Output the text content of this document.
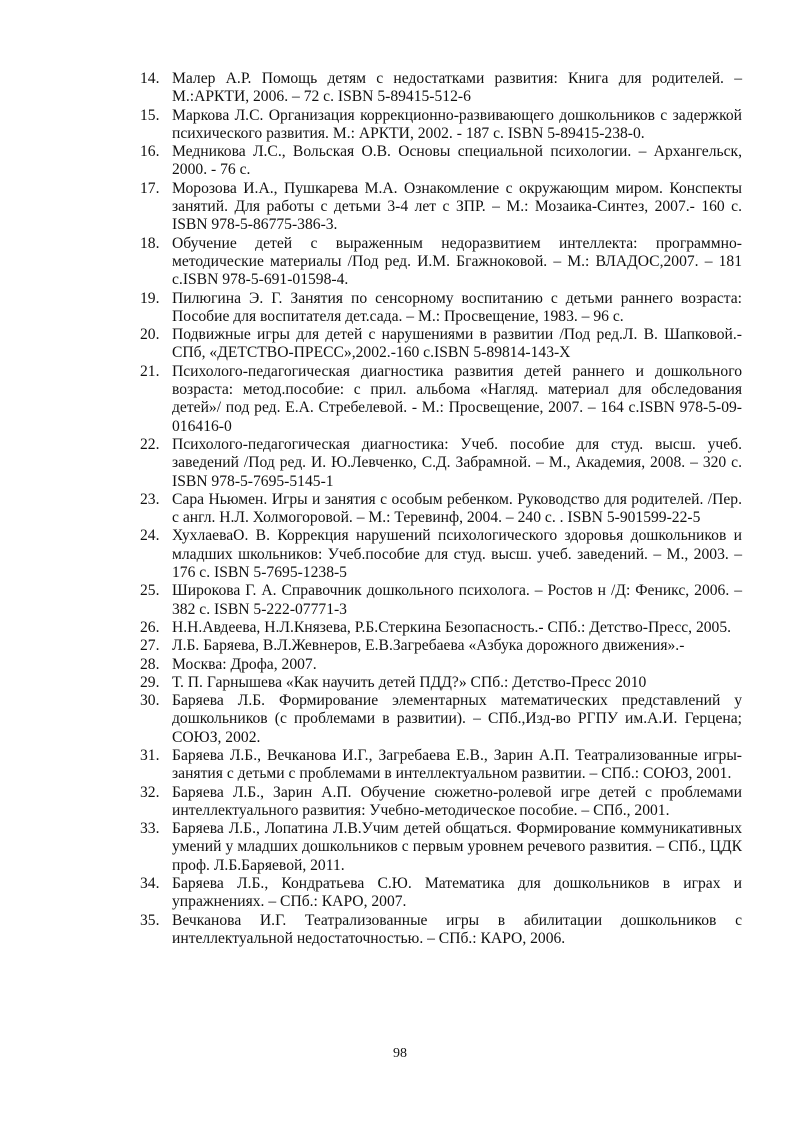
14. Малер А.Р. Помощь детям с недостатками развития: Книга для родителей. – М.:АРКТИ, 2006. – 72 с. ISBN 5-89415-512-6
15. Маркова Л.С. Организация коррекционно-развивающего дошкольников с задержкой психического развития. М.: АРКТИ, 2002. - 187 с. ISBN 5-89415-238-0.
16. Медникова Л.С., Вольская О.В. Основы специальной психологии. – Архангельск, 2000. - 76 с.
17. Морозова И.А., Пушкарева М.А. Ознакомление с окружающим миром. Конспекты занятий. Для работы с детьми 3-4 лет с ЗПР. – М.: Мозаика-Синтез, 2007.- 160 с. ISBN 978-5-86775-386-3.
18. Обучение детей с выраженным недоразвитием интеллекта: программно-методические материалы /Под ред. И.М. Бгажноковой. – М.: ВЛАДОС,2007. – 181 с.ISBN 978-5-691-01598-4.
19. Пилюгина Э. Г. Занятия по сенсорному воспитанию с детьми раннего возраста: Пособие для воспитателя дет.сада. – М.: Просвещение, 1983. – 96 с.
20. Подвижные игры для детей с нарушениями в развитии /Под ред.Л. В. Шапковой.- СПб, «ДЕТСТВО-ПРЕСС»,2002.-160 с.ISBN 5-89814-143-Х
21. Психолого-педагогическая диагностика развития детей раннего и дошкольного возраста: метод.пособие: с прил. альбома «Нагляд. материал для обследования детей»/ под ред. Е.А. Стребелевой. - М.: Просвещение, 2007. – 164 с.ISBN 978-5-09-016416-0
22. Психолого-педагогическая диагностика: Учеб. пособие для студ. высш. учеб. заведений /Под ред. И. Ю.Левченко, С.Д. Забрамной. – М., Академия, 2008. – 320 с. ISBN 978-5-7695-5145-1
23. Сара Ньюмен. Игры и занятия с особым ребенком. Руководство для родителей. /Пер. с англ. Н.Л. Холмогоровой. – М.: Теревинф, 2004. – 240 с. . ISBN 5-901599-22-5
24. ХухлаеваО. В. Коррекция нарушений психологического здоровья дошкольников и младших школьников: Учеб.пособие для студ. высш. учеб. заведений. – М., 2003. – 176 с. ISBN 5-7695-1238-5
25. Широкова Г. А. Справочник дошкольного психолога. – Ростов н /Д: Феникс, 2006. – 382 с. ISBN 5-222-07771-3
26. Н.Н.Авдеева, Н.Л.Князева, Р.Б.Стеркина Безопасность.- СПб.: Детство-Пресс, 2005.
27. Л.Б. Баряева, В.Л.Жевнеров, Е.В.Загребаева «Азбука дорожного движения».-
28. Москва: Дрофа, 2007.
29. Т. П. Гарнышева «Как научить детей ПДД?» СПб.: Детство-Пресс 2010
30. Баряева Л.Б. Формирование элементарных математических представлений у дошкольников (с проблемами в развитии). – СПб.,Изд-во РГПУ им.А.И. Герцена; СОЮЗ, 2002.
31. Баряева Л.Б., Вечканова И.Г., Загребаева Е.В., Зарин А.П. Театрализованные игры-занятия с детьми с проблемами в интеллектуальном развитии. – СПб.: СОЮЗ, 2001.
32. Баряева Л.Б., Зарин А.П. Обучение сюжетно-ролевой игре детей с проблемами интеллектуального развития: Учебно-методическое пособие. – СПб., 2001.
33. Баряева Л.Б., Лопатина Л.В.Учим детей общаться. Формирование коммуникативных умений у младших дошкольников с первым уровнем речевого развития. – СПб., ЦДК проф. Л.Б.Баряевой, 2011.
34. Баряева Л.Б., Кондратьева С.Ю. Математика для дошкольников в играх и упражнениях. – СПб.: КАРО, 2007.
35. Вечканова И.Г. Театрализованные игры в абилитации дошкольников с интеллектуальной недостаточностью. – СПб.: КАРО, 2006.
98
